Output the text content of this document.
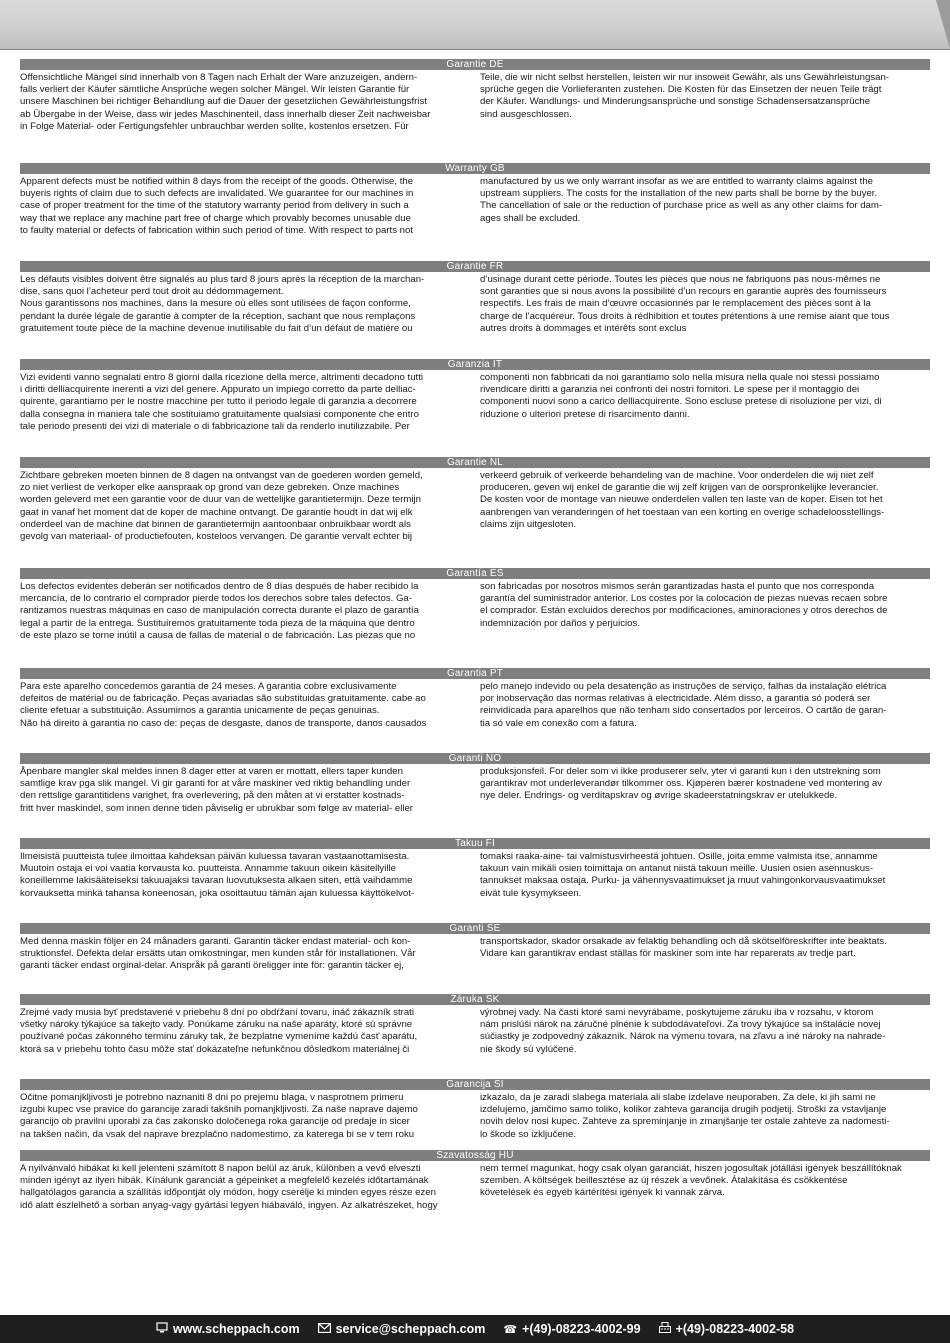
Garantie DE
Offensichtliche Mängel sind innerhalb von 8 Tagen nach Erhalt der Ware anzuzeigen, andern-
falls verliert der Käufer sämtliche Ansprüche wegen solcher Mängel. Wir leisten Garantie für
unsere Maschinen bei richtiger Behandlung auf die Dauer der gesetzlichen Gewährleistungsfrist
ab Übergabe in der Weise, dass wir jedes Maschinenteil, dass innerhalb dieser Zeit nachweisbar
in Folge Material- oder Fertigungsfehler unbrauchbar werden sollte, kostenlos ersetzen. Für
Teile, die wir nicht selbst herstellen, leisten wir nur insoweit Gewähr, als uns Gewährleistungsan-
sprüche gegen die Vorlieferanten zustehen. Die Kosten für das Einsetzen der neuen Teile trägt
der Käufer. Wandlungs- und Minderungsansprüche und sonstige Schadensersatzansprüche
sind ausgeschlossen.
Warranty GB
Apparent defects must be notified within 8 days from the receipt of the goods. Otherwise, the
buyeris rights of claim due to such defects are invalidated. We guarantee for our machines in
case of proper treatment for the time of the statutory warranty period from delivery in such a
way that we replace any machine part free of charge which provably becomes unusable due
to faulty material or defects of fabrication within such period of time. With respect to parts not
manufactured by us we only warrant insofar as we are entitled to warranty claims against the
upstream suppliers. The costs for the installation of the new parts shall be borne by the buyer.
The cancellation of sale or the reduction of purchase price as well as any other claims for dam-
ages shall be excluded.
Garantie FR
Les défauts visibles doivent être signalés au plus tard 8 jours après la réception de la marchan-
dise, sans quoi l’acheteur perd tout droit au dédommagement.
Nous garantissons nos machines, dans la mesure où elles sont utilisées de façon conforme,
pendant la durée légale de garantie à compter de la réception, sachant que nous remplaçons
gratuitement toute pièce de la machine devenue inutilisable du fait d’un défaut de matière ou
d’usinage durant cette période. Toutes les pièces que nous ne fabriquons pas nous-mêmes ne
sont garanties que si nous avons la possibilité d’un recours en garantie auprès des fournisseurs
respectifs. Les frais de main d’œuvre occasionnés par le remplacement des pièces sont à la
charge de l’acquéreur. Tous droits à rédhibition et toutes prétentions à une remise aiant que tous
autres droits à dommages et intérêts sont exclus
Garanzia IT
Vizi evidenti vanno segnalati entro 8 giorni dalla ricezione della merce, altrimenti decadono tutti
i diritti delliacquirente inerenti a vizi del genere. Appurato un impiego corretto da parte delliac-
quirente, garantiamo per le nostre macchine per tutto il periodo legale di garanzia a decorrere
dalla consegna in maniera tale che sostituiamo gratuitamente qualsiasi componente che entro
tale periodo presenti dei vizi di materiale o di fabbricazione tali da renderlo inutilizzabile. Per
componenti non fabbricati da noi garantiamo solo nella misura nella quale noi stessi possiamo
rivendicare diritti a garanzia nei confronti dei nostri fornitori. Le spese per il montaggio dei
componenti nuovi sono a carico delliacquirente. Sono escluse pretese di risoluzione per vizi, di
riduzione o ulteriori pretese di risarcimento danni.
Garantie NL
Zichtbare gebreken moeten binnen de 8 dagen na ontvangst van de goederen worden gemeld,
zo niet verliest de verkoper elke aanspraak op grond van deze gebreken. Onze machines
worden geleverd met een garantie voor de duur van de wettelijke garantietermijn. Deze termijn
gaat in vanaf het moment dat de koper de machine ontvangt. De garantie houdt in dat wij elk
onderdeel van de machine dat binnen de garantietermijn aantoonbaar onbruikbaar wordt als
gevolg van materiaal- of productiefouten, kosteloos vervangen. De garantie vervalt echter bij
verkeerd gebruik of verkeerde behandeling van de machine. Voor onderdelen die wij niet zelf
produceren, geven wij enkel de garantie die wij zelf krijgen van de oorspronkelijke leverancier.
De kosten voor de montage van nieuwe onderdelen vallen ten laste van de koper. Eisen tot het
aanbrengen van veranderingen of het toestaan van een korting en overige schadeloosstellings-
claims zijn uitgesloten.
Garantía ES
Los defectos evidentes deberán ser notificados dentro de 8 días después de haber recibido la
mercancía, de lo contrario el comprador pierde todos los derechos sobre tales defectos. Ga-
rantizamos nuestras máquinas en caso de manipulación correcta durante el plazo de garantía
legal a partir de la entrega. Sustituiremos gratuitamente toda pieza de la máquina que dentro
de este plazo se torne inútil a causa de fallas de material o de fabricación. Las piezas que no
son fabricadas por nosotros mismos serán garantizadas hasta el punto que nos corresponda
garantía del suministrador anterior. Los costes por la colocación de piezas nuevas recaen sobre
el comprador. Están excluidos derechos por modificaciones, aminoraciones y otros derechos de
indemnización por daños y perjuicios.
Garantia PT
Para este aparelho concedemos garantia de 24 meses. A garantia cobre exclusivamente
defeitos de matérial ou de fabricação. Peças avariadas são substituidas gratuitamente. cabe ao
cliente efetuar a substituição. Assumimos a garantia unicamente de peças genuinas.
Não há direito à garantia no caso de: peças de desgaste, danos de transporte, danos causados
pelo manejo indevido ou pela desatenção as instruções de serviço, falhas da instalação elétrica
por inobservação das normas relativas à electricidade. Além disso, a garantia só poderá ser
reinvidicada para aparelhos que não tenham sido consertados por lerceiros. O cartão de garan-
tia só vale em conexão com a fatura.
Garanti NO
Åpenbare mangler skal meldes innen 8 dager etter at varen er mottatt, ellers taper kunden
samtlige krav pga slik mangel. Vi gir garanti for at våre maskiner ved riktig behandling under
den rettslige garantitidens varighet, fra overlevering, på den måten at vi erstatter kostnads-
fritt hver maskindel, som innen denne tiden påviselig er ubrukbar som følge av material- eller
produksjonsfeil. For deler som vi ikke produserer selv, yter vi garanti kun i den utstrekning som
garantikrav mot underleverandør tilkommer oss. Kjøperen bærer kostnadene ved montering av
nye deler. Endrings- og verditapskrav og øvrige skadeerstatningskrav er utelukkede.
Takuu FI
Ilmeisistä puutteista tulee ilmoittaa kahdeksan päivän kuluessa tavaran vastaanottamisesta.
Muutoin ostaja ei voi vaatia korvausta ko. puutteista. Annamme takuun oikein käsitellyille
koneillemme lakisääteiseksi takuuajaksi tavaran luovutuksesta alkaen siten, että vaihdamme
korvauksetta minkä tahansa koneenosan, joka osoittautuu tämän ajan kuluessa käyttökelvot-
tomaksi raaka-aine- tai valmistusvirheestä johtuen. Osille, joita emme valmista itse, annamme
takuun vain mikäli osien toimittaja on antanut niistä takuun meille. Uusien osien asennuskus-
tannukset maksaa ostaja. Purku- ja vähennysvaatimukset ja muut vahingonkorvausvaatimukset
eivät tule kysymykseen.
Garanti SE
Med denna maskin följer en 24 månaders garanti. Garantin täcker endast material- och kon-
struktionsfel. Defekta delar ersätts utan omkostningar, men kunden står för installationen. Vår
garanti täcker endast orginal-delar. Anspråk på garanti öreligger inte för: garantin täcker ej,
transportskador, skador orsakade av felaktig behandling och då skötselföreskrifter inte beaktats.
Vidare kan garantikrav endast ställas för maskiner som inte har reparerats av tredje part.
Záruka SK
Zrejmé vady musia byť predstavené v priebehu 8 dní po obdŕžaní tovaru, ináč zákazník strati
všetky nároky týkajúce sa takejto vady. Ponúkame záruku na naše aparáty, ktoré sú správne
používané počas zákonného terminu záruky tak, že bezplatne vymeníme každú časť aparátu,
ktorá sa v priebehu tohto času môže stať dokázateľne nefunkčnou dôsledkom materiálnej či
výrobnej vady. Na časti ktoré sami nevyrábame, poskytujeme záruku iba v rozsahu, v ktorom
nám prislúši nárok na záručné plnénie k subdodávateľovi. Za trovy týkajúce sa inštalácie novej
súčiastky je zodpovedný zákazník. Nárok na výmenu tovara, na zľavu a iné nároky na nahrade-
nie škody sú vylúčené.
Garancija SI
Očitne pomanjkljivosti je potrebno naznaniti 8 dni po prejemu blaga, v nasprotnem primeru
izgubi kupec vse pravice do garancije zaradi takšnih pomanjkljivosti. Za naše naprave dajemo
garancijo ob pravilni uporabi za čas zakonsko določenega roka garancije od predaje in sicer
na takšen način, da vsak del naprave brezplačno nadomestimo, za katerega bi se v tem roku
izkazalo, da je zaradi slabega materiala ali slabe izdelave neuporaben. Za dele, ki jih sami ne
izdelujemo, jamčimo samo toliko, kolikor zahteva garancija drugih podjetij. Stroški za vstavljanje
novih delov nosi kupec. Zahteve za spreminjanje in zmanjšanje ter ostale zahteve za nadomesti-
lo škode so izključene.
Szavatosság HU
A nyilvánvaló hibákat ki kell jelenteni számított 8 napon belül az áruk, különben a vevő elveszti
minden igényt az ilyen hibák. Kínálunk garanciát a gépeinket a megfelelő kezelés időtartamának
hallgatólagos garancia a szállítás időpontját oly módon, hogy cserélje ki minden egyes része ezen
idő alatt észlelhető a sorban anyag-vagy gyártási legyen hiábaváló, ingyen. Az alkatrészeket, hogy
nem termel magunkat, hogy csak olyan garanciát, hiszen jogosultak jótállási igények beszállítóknak
szemben. A költségek beillesztése az új részek a vevőnek. Átalakítása és csökkentése
követelések és egyéb kártérítési igények ki vannak zárva.
www.scheppach.com	service@scheppach.com ☎ +(49)-08223-4002-99	+(49)-08223-4002-58
